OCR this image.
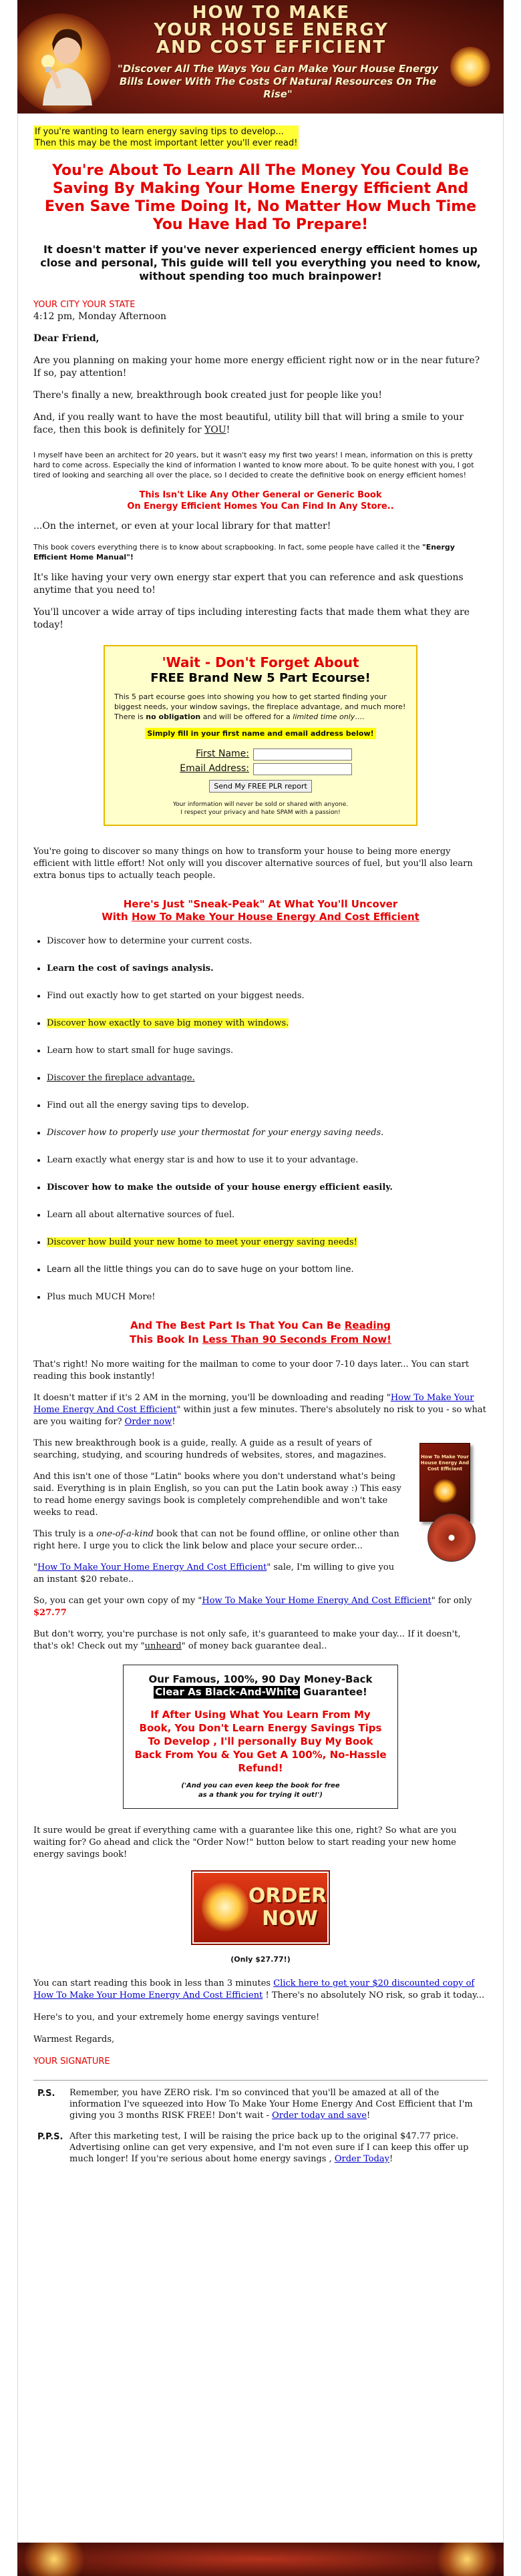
HOW TO MAKE
YOUR HOUSE ENERGY
AND COST EFFICIENT
"Discover All The Ways You Can Make Your House Energy Bills Lower With The Costs Of Natural Resources On The Rise"
If you're wanting to learn energy saving tips to develop...
Then this may be the most important letter you'll ever read!
You're About To Learn All The Money You Could Be Saving By Making Your Home Energy Efficient And Even Save Time Doing It, No Matter How Much Time You Have Had To Prepare!
It doesn't matter if you've never experienced energy efficient homes up close and personal, This guide will tell you everything you need to know, without spending too much brainpower!
YOUR CITY YOUR STATE

4:12 pm, Monday Afternoon

Dear Friend,

Are you planning on making your home more energy efficient right now or in the near future? If so, pay attention!

There's finally a new, breakthrough book created just for people like you!

And, if you really want to have the most beautiful, utility bill that will bring a smile to your face, then this book is definitely for YOU!

I myself have been an architect for 20 years, but it wasn't easy my first two years! I mean, information on this is pretty hard to come across. Especially the kind of information I wanted to know more about. To be quite honest with you, I got tired of looking and searching all over the place, so I decided to create the definitive book on energy efficient homes!

This Isn't Like Any Other General or Generic Book
On Energy Efficient Homes You Can Find In Any Store..

...On the internet, or even at your local library for that matter!

This book covers everything there is to know about scrapbooking. In fact, some people have called it the "Energy Efficient Home Manual"!

It's like having your very own energy star expert that you can reference and ask questions anytime that you need to!

You'll uncover a wide array of tips including interesting facts that made them what they are today!

'Wait - Don't Forget About
FREE Brand New 5 Part Ecourse!
This 5 part ecourse goes into showing you how to get started finding your biggest needs, your window savings, the fireplace advantage, and much more! There is no obligation and will be offered for a limited time only....
Simply fill in your first name and email address below!
First Name:
Email Address:
Send My FREE PLR report
Your information will never be sold or shared with anyone.
I respect your privacy and hate SPAM with a passion!

You're going to discover so many things on how to transform your house to being more energy efficient with little effort! Not only will you discover alternative sources of fuel, but you'll also learn extra bonus tips to actually teach people.

Here's Just "Sneak-Peak" At What You'll Uncover
With How To Make Your House Energy And Cost Efficient
• Discover how to determine your current costs.
• Learn the cost of savings analysis.
• Find out exactly how to get started on your biggest needs.
• Discover how exactly to save big money with windows.
• Learn how to start small for huge savings.
• Discover the fireplace advantage.
• Find out all the energy saving tips to develop.
• Discover how to properly use your thermostat for your energy saving needs.
• Learn exactly what energy star is and how to use it to your advantage.
• Discover how to make the outside of your house energy efficient easily.
• Learn all about alternative sources of fuel.
• Discover how build your new home to meet your energy saving needs!
• Learn all the little things you can do to save huge on your bottom line.
• Plus much MUCH More!
And The Best Part Is That You Can Be Reading
This Book In Less Than 90 Seconds From Now!

That's right! No more waiting for the mailman to come to your door 7-10 days later... You can start reading this book instantly!

It doesn't matter if it's 2 AM in the morning, you'll be downloading and reading "How To Make Your Home Energy And Cost Efficient" within just a few minutes. There's absolutely no risk to you - so what are you waiting for? Order now!

How To Make Your House Energy And Cost Efficient

This new breakthrough book is a guide, really. A guide as a result of years of searching, studying, and scouring hundreds of websites, stores, and magazines.

And this isn't one of those "Latin" books where you don't understand what's being said. Everything is in plain English, so you can put the Latin book away :) This easy to read home energy savings book is completely comprehendible and won't take weeks to read.

This truly is a one-of-a-kind book that can not be found offline, or online other than right here. I urge you to click the link below and place your secure order...

"How To Make Your Home Energy And Cost Efficient" sale, I'm willing to give you an instant $20 rebate..

So, you can get your own copy of my "How To Make Your Home Energy And Cost Efficient" for only $27.77

But don't worry, you're purchase is not only safe, it's guaranteed to make your day... If it doesn't, that's ok! Check out my "unheard" of money back guarantee deal..

Our Famous, 100%, 90 Day Money-Back
Clear As Black-And-White Guarantee!
If After Using What You Learn From My Book, You Don't Learn Energy Savings Tips To Develop , I'll personally Buy My Book Back From You & You Get A 100%, No-Hassle Refund!
('And you can even keep the book for free
as a thank you for trying it out!')

It sure would be great if everything came with a guarantee like this one, right? So what are you waiting for? Go ahead and click the "Order Now!" button below to start reading your new home energy savings book!

ORDER
NOW
(Only $27.77!)

You can start reading this book in less than 3 minutes Click here to get your $20 discounted copy of How To Make Your Home Energy And Cost Efficient ! There's no absolutely NO risk, so grab it today...

Here's to you, and your extremely home energy savings venture!

Warmest Regards,

YOUR SIGNATURE

P.S.	Remember, you have ZERO risk. I'm so convinced that you'll be amazed at all of the information I've squeezed into How To Make Your Home Energy And Cost Efficient that I'm giving you 3 months RISK FREE! Don't wait - Order today and save!
P.P.S. After this marketing test, I will be raising the price back up to the original $47.77 price. Advertising online can get very expensive, and I'm not even sure if I can keep this offer up much longer! If you're serious about home energy savings , Order Today!
